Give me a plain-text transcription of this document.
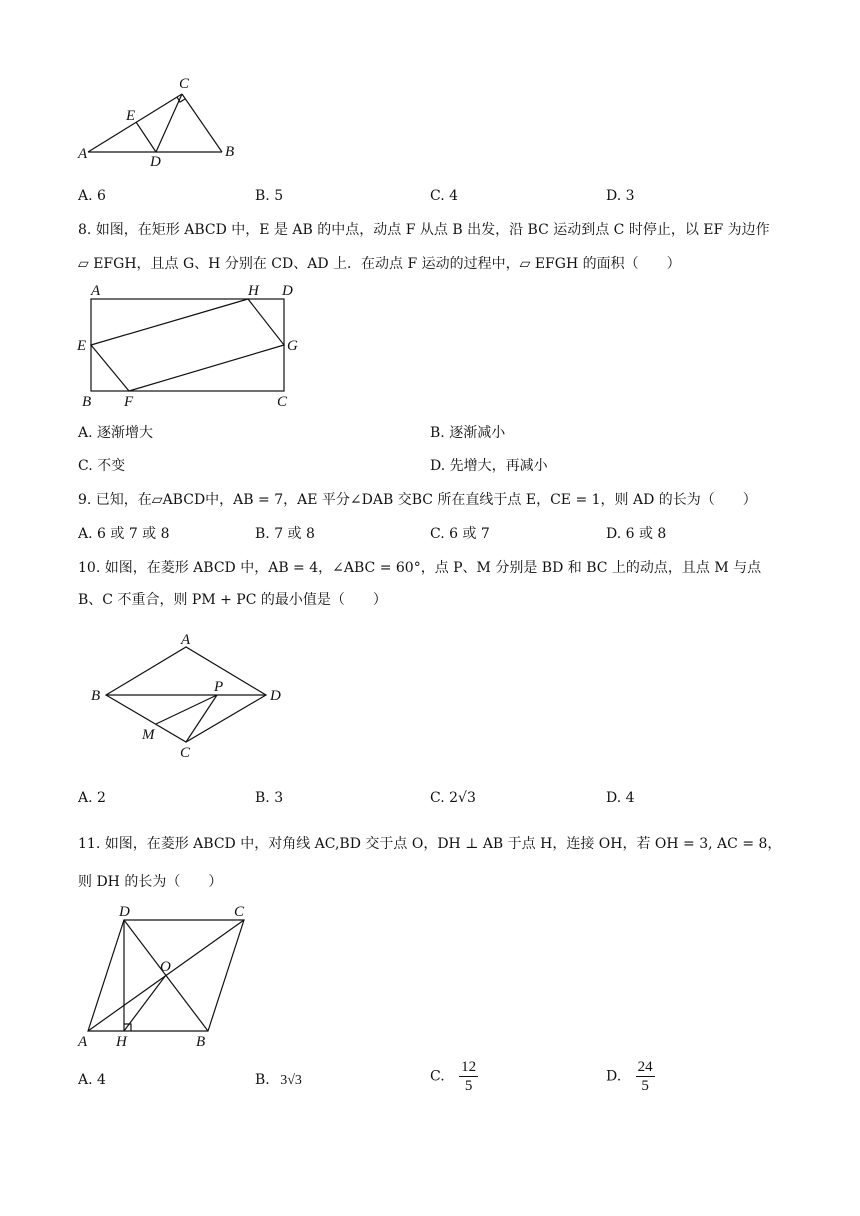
C
E
A	D
B
A. 6	B. 5	C. 4	D. 3
8. 如图，在矩形 ABCD 中，E 是 AB 的中点，动点 F 从点 B 出发，沿 BC 运动到点 C 时停止，以 EF 为边作
▱ EFGH，且点 G、H 分别在 CD、AD 上．在动点 F 运动的过程中，▱ EFGH 的面积（　　）
A	H D
E	G
B F	C
A. 逐渐增大	B. 逐渐减小
C. 不变	D. 先增大，再减小
9. 已知，在▱ABCD中，AB = 7，AE 平分∠DAB 交BC 所在直线于点 E，CE = 1，则 AD 的长为（　　）
A. 6 或 7 或 8	B. 7 或 8	C. 6 或 7	D. 6 或 8
10. 如图，在菱形 ABCD 中，AB = 4，∠ABC = 60°，点 P、M 分别是 BD 和 BC 上的动点，且点 M 与点
B、C 不重合，则 PM + PC 的最小值是（　　）
A
B
P
D
M
C
A. 2	B. 3	C. 2√3	D. 4
11. 如图，在菱形 ABCD 中，对角线 AC,BD 交于点 O，DH ⊥ AB 于点 H，连接 OH，若 OH = 3, AC = 8，
则 DH 的长为（　　）
D	C
O
A H	B
A. 4	B. 3√3	C. $\frac{12}{5}$	D. $\frac{24}{5}$
